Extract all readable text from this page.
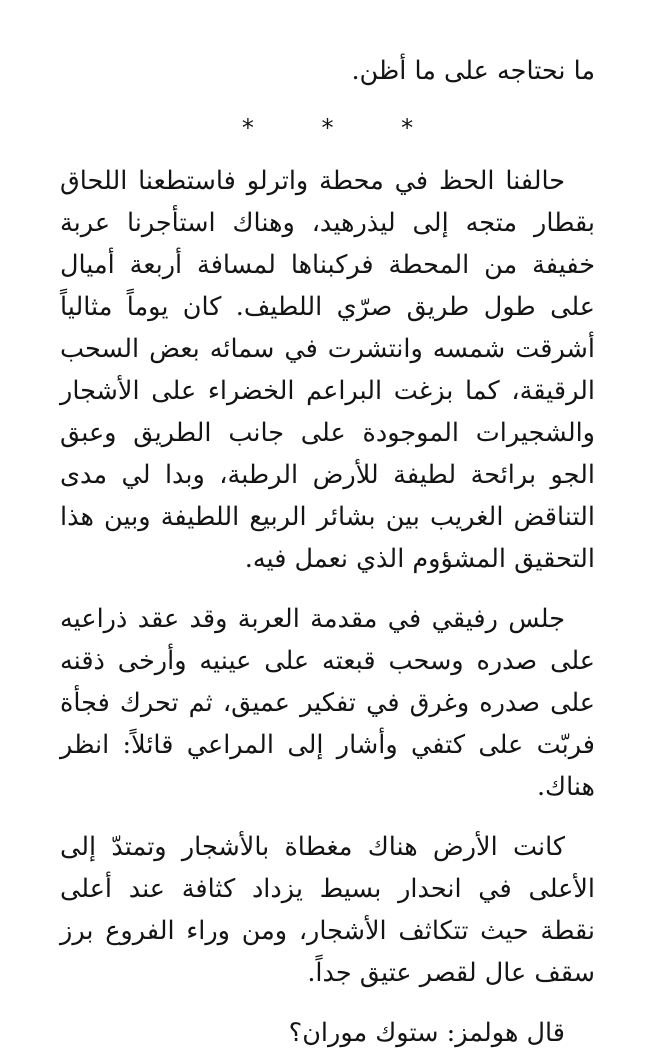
ما نحتاجه على ما أظن.

* * *

حالفنا الحظ في محطة واترلو فاستطعنا اللحاق بقطار متجه إلى ليذرهيد، وهناك استأجرنا عربة خفيفة من المحطة فركبناها لمسافة أربعة أميال على طول طريق صرّي اللطيف. كان يوماً مثالياً أشرقت شمسه وانتشرت في سمائه بعض السحب الرقيقة، كما بزغت البراعم الخضراء على الأشجار والشجيرات الموجودة على جانب الطريق وعبق الجو برائحة لطيفة للأرض الرطبة، وبدا لي مدى التناقض الغريب بين بشائر الربيع اللطيفة وبين هذا التحقيق المشؤوم الذي نعمل فيه.

جلس رفيقي في مقدمة العربة وقد عقد ذراعيه على صدره وسحب قبعته على عينيه وأرخى ذقنه على صدره وغرق في تفكير عميق، ثم تحرك فجأة فربّت على كتفي وأشار إلى المراعي قائلاً: انظر هناك.

كانت الأرض هناك مغطاة بالأشجار وتمتدّ إلى الأعلى في انحدار بسيط يزداد كثافة عند أعلى نقطة حيث تتكاثف الأشجار، ومن وراء الفروع برز سقف عال لقصر عتيق جداً.

قال هولمز: ستوك موران؟
